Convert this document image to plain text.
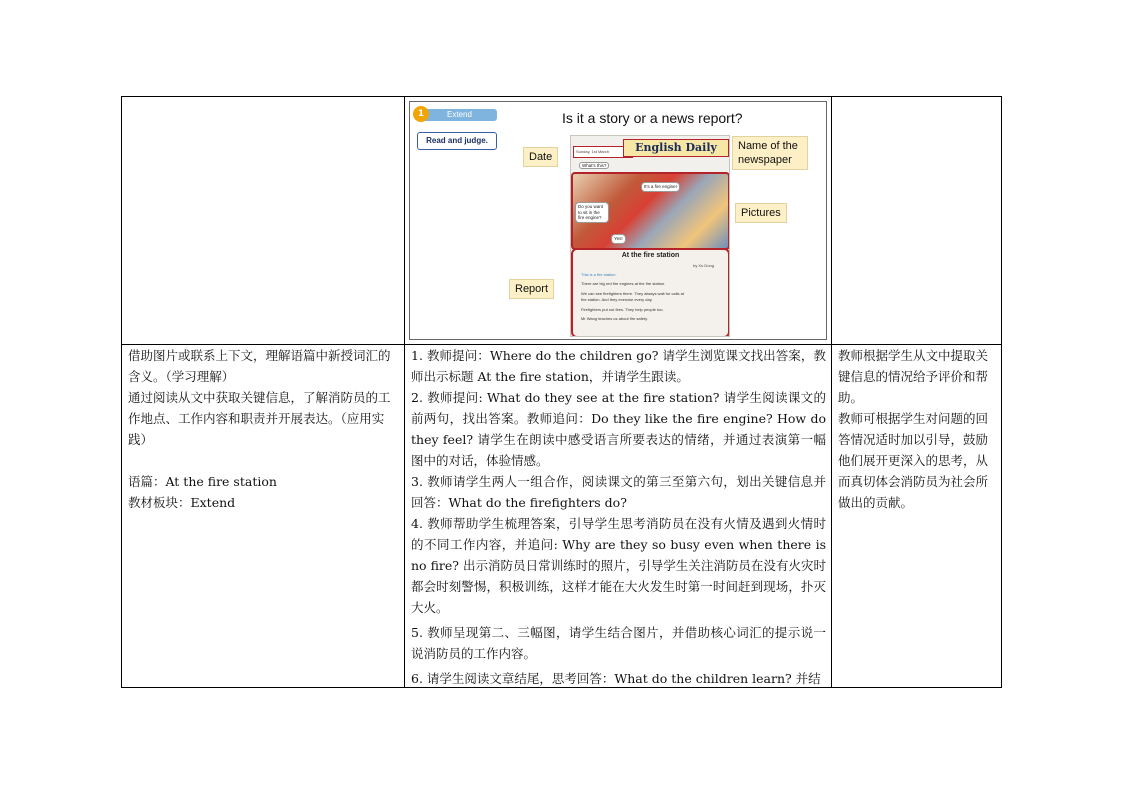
1	Extend
Read and judge.
Is it a story or a news report?
Date
Name of the newspaper
Pictures
Report
Sunday, 1st March	English Daily
What's this?
It's a fire engine!
Do you want to sit in the fire engine?
Yes!
At the fire station
by Xu Dong
This is a fire station.
There are big red fire engines at the fire station.
We can see firefighters there. They always wait for calls at
the station. And they exercise every day.
Firefighters put out fires. They help people too.
Mr Wang teaches us about fire safety.

借助图片或联系上下文，理解语篇中新授词汇的含义。（学习理解）

通过阅读从文中获取关键信息，了解消防员的工作地点、工作内容和职责并开展表达。（应用实践）

语篇：At the fire station

教材板块：Extend

1. 教师提问：Where do the children go? 请学生浏览课文找出答案，教师出示标题 At the fire station，并请学生跟读。

2. 教师提问: What do they see at the fire station? 请学生阅读课文的前两句，找出答案。教师追问：Do they like the fire engine? How do they feel? 请学生在朗读中感受语言所要表达的情绪，并通过表演第一幅图中的对话，体验情感。

3. 教师请学生两人一组合作，阅读课文的第三至第六句，划出关键信息并回答：What do the firefighters do?

4. 教师帮助学生梳理答案，引导学生思考消防员在没有火情及遇到火情时的不同工作内容，并追问: Why are they so busy even when there is no fire? 出示消防员日常训练时的照片，引导学生关注消防员在没有火灾时都会时刻警惕，积极训练，这样才能在大火发生时第一时间赶到现场，扑灭大火。

5. 教师呈现第二、三幅图，请学生结合图片，并借助核心词汇的提示说一说消防员的工作内容。

6. 请学生阅读文章结尾，思考回答：What do the children learn? 并结

教师根据学生从文中提取关键信息的情况给予评价和帮助。

教师可根据学生对问题的回答情况适时加以引导，鼓励他们展开更深入的思考，从而真切体会消防员为社会所做出的贡献。
